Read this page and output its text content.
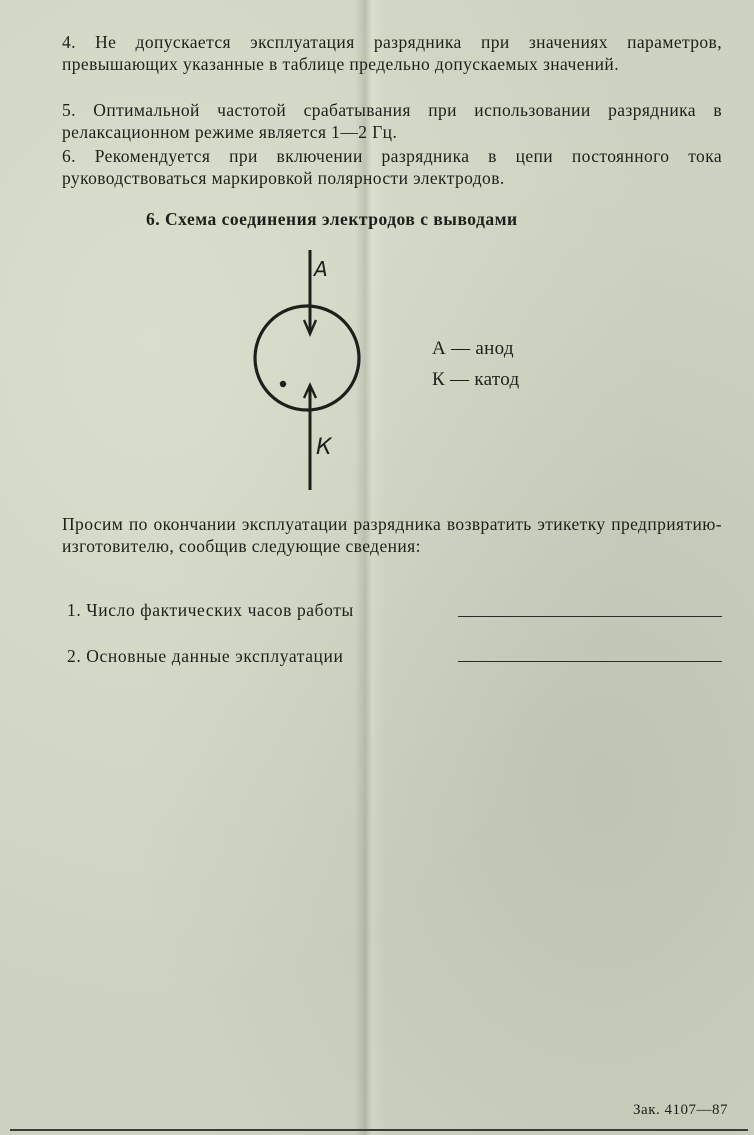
4. Не допускается эксплуатация разрядника при значениях параметров, превышающих указанные в таблице предельно допускаемых значений.

5. Оптимальной частотой срабатывания при использовании разрядника в релаксационном режиме является 1—2 Гц.

6. Рекомендуется при включении разрядника в цепи постоянного тока руководствоваться маркировкой полярности электродов.

6. Схема соединения электродов с выводами

А
К
А — анод
К — катод

Просим по окончании эксплуатации разрядника возвратить этикетку предприятию-изготовителю, сообщив следующие сведения:

1. Число фактических часов работы
2. Основные данные эксплуатации
Зак. 4107—87
